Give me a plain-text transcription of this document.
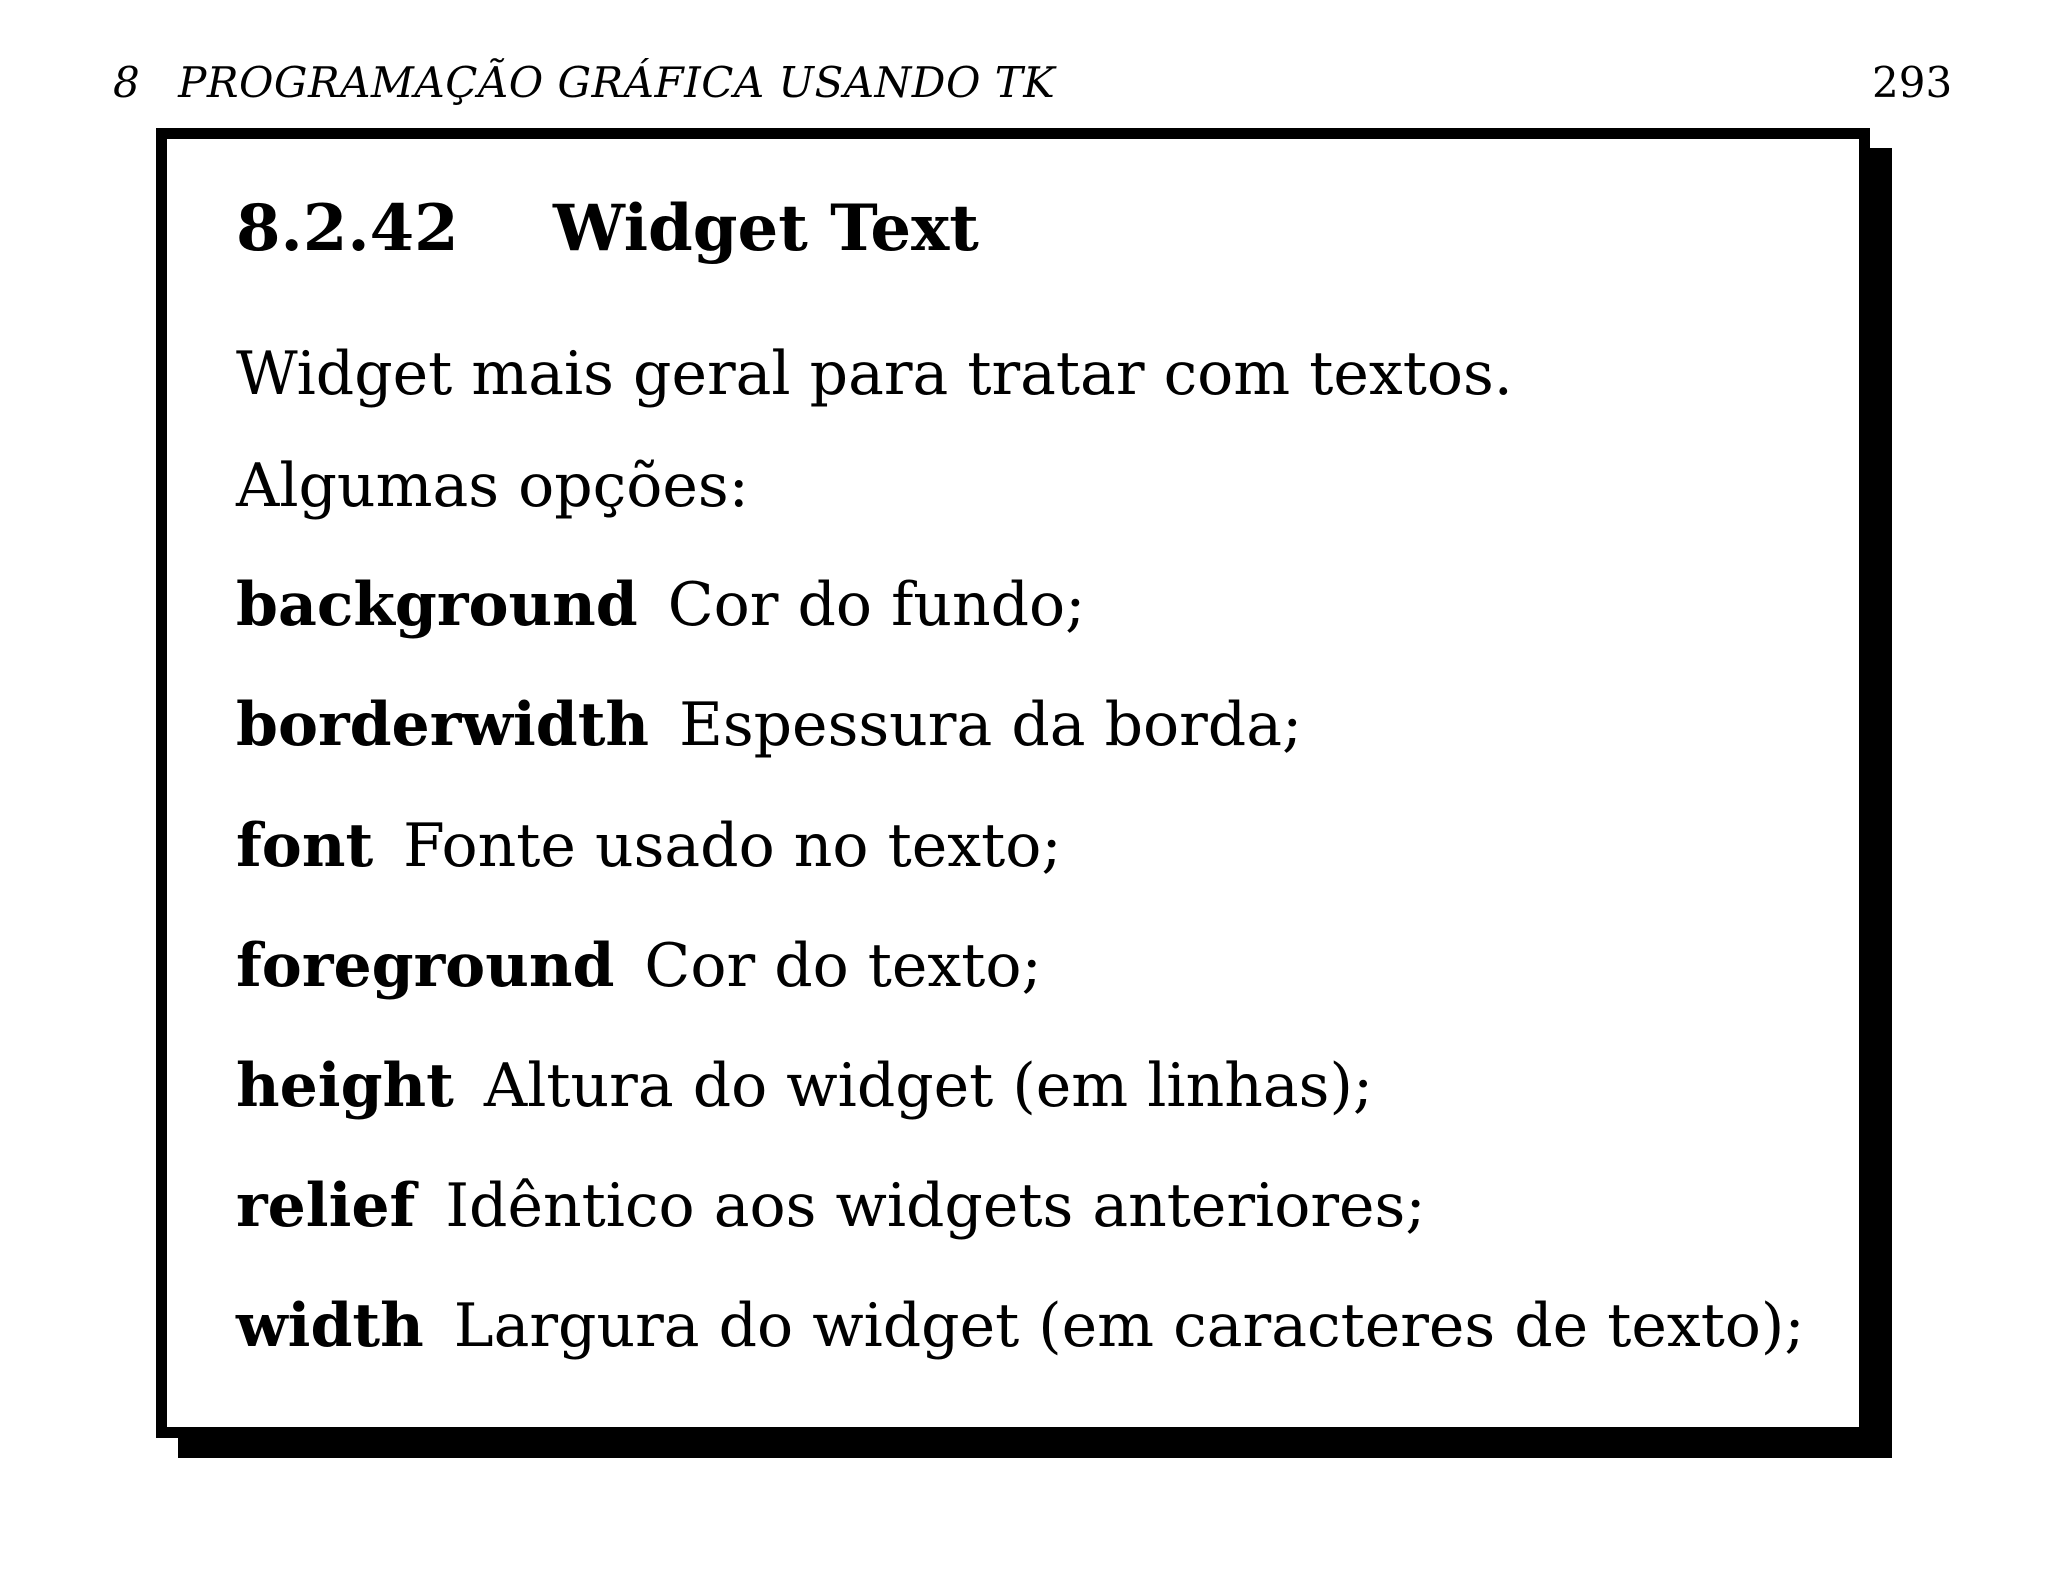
8 PROGRAMAÇÃO GRÁFICA USANDO TK	293
8.2.42 Widget Text
Widget mais geral para tratar com textos.
Algumas opções:
background Cor do fundo;
borderwidth Espessura da borda;
font Fonte usado no texto;
foreground Cor do texto;
height Altura do widget (em linhas);
relief Idêntico aos widgets anteriores;
width Largura do widget (em caracteres de texto);
